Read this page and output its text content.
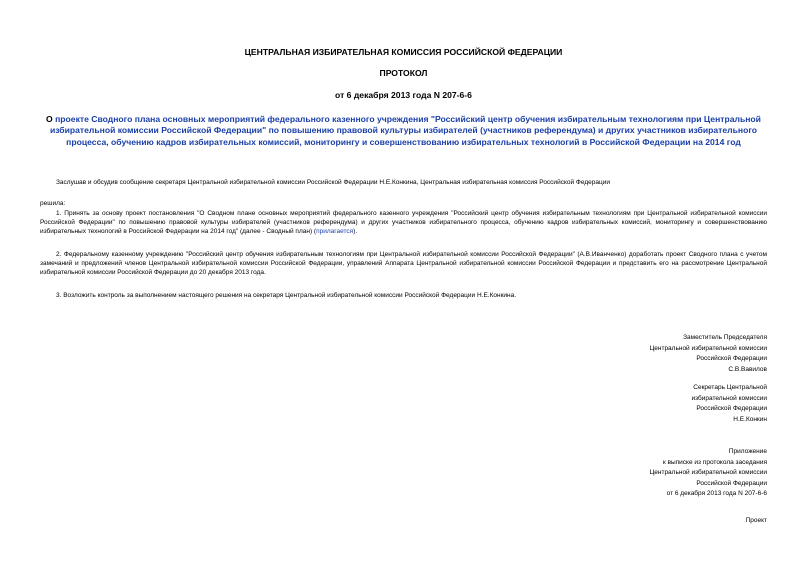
ЦЕНТРАЛЬНАЯ ИЗБИРАТЕЛЬНАЯ КОМИССИЯ РОССИЙСКОЙ ФЕДЕРАЦИИ
ПРОТОКОЛ
от 6 декабря 2013 года N 207-6-6
О проекте Сводного плана основных мероприятий федерального казенного учреждения "Российский центр обучения избирательным технологиям при Центральной избирательной комиссии Российской Федерации" по повышению правовой культуры избирателей (участников референдума) и других участников избирательного процесса, обучению кадров избирательных комиссий, мониторингу и совершенствованию избирательных технологий в Российской Федерации на 2014 год
Заслушав и обсудив сообщение секретаря Центральной избирательной комиссии Российской Федерации Н.Е.Конкина, Центральная избирательная комиссия Российской Федерации
решила:
1. Принять за основу проект постановления "О Сводном плане основных мероприятий федерального казенного учреждения "Российский центр обучения избирательным технологиям при Центральной избирательной комиссии Российской Федерации" по повышению правовой культуры избирателей (участников референдума) и других участников избирательного процесса, обучению кадров избирательных комиссий, мониторингу и совершенствованию избирательных технологий в Российской Федерации на 2014 год" (далее - Сводный план) (прилагается).
2. Федеральному казенному учреждению "Российский центр обучения избирательным технологиям при Центральной избирательной комиссии Российской Федерации" (А.В.Иванченко) доработать проект Сводного плана с учетом замечаний и предложений членов Центральной избирательной комиссии Российской Федерации, управлений Аппарата Центральной избирательной комиссии Российской Федерации и представить его на рассмотрение Центральной избирательной комиссии Российской Федерации до 20 декабря 2013 года.
3. Возложить контроль за выполнением настоящего решения на секретаря Центральной избирательной комиссии Российской Федерации Н.Е.Конкина.
Заместитель Председателя
Центральной избирательной комиссии
Российской Федерации
С.В.Вавилов
Секретарь Центральной
избирательной комиссии
Российской Федерации
Н.Е.Конкин
Приложение
к выписке из протокола заседания
Центральной избирательной комиссии
Российской Федерации
от 6 декабря 2013 года N 207-6-6
Проект
